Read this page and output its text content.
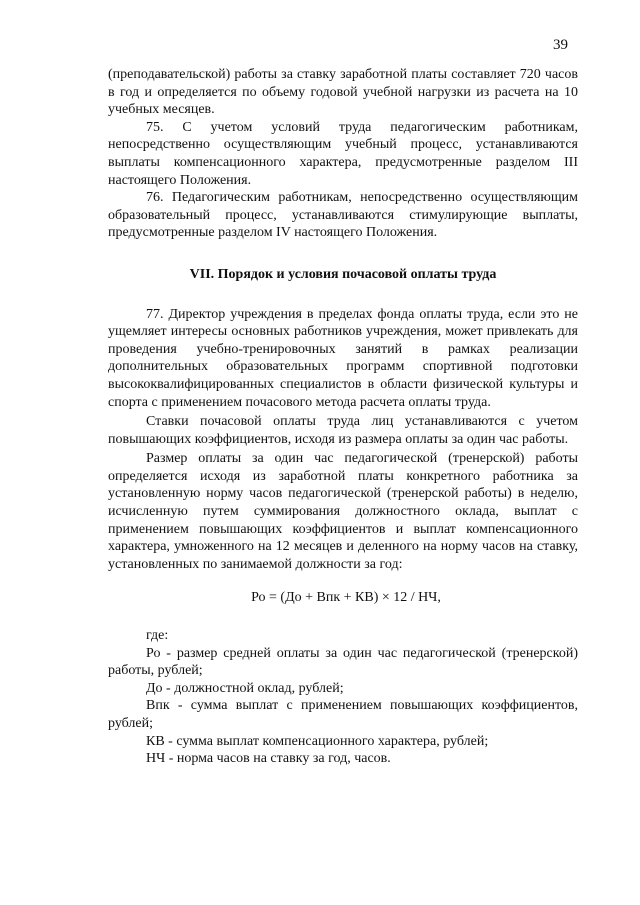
39

(преподавательской) работы за ставку заработной платы составляет 720 часов в год и определяется по объему годовой учебной нагрузки из расчета на 10 учебных месяцев.

75. С учетом условий труда педагогическим работникам, непосредственно осуществляющим учебный процесс, устанавливаются выплаты компенсационного характера, предусмотренные разделом III настоящего Положения.

76. Педагогическим работникам, непосредственно осуществляющим образовательный процесс, устанавливаются стимулирующие выплаты, предусмотренные разделом IV настоящего Положения.

VII. Порядок и условия почасовой оплаты труда

77. Директор учреждения в пределах фонда оплаты труда, если это не ущемляет интересы основных работников учреждения, может привлекать для проведения учебно-тренировочных занятий в рамках реализации дополнительных образовательных программ спортивной подготовки высококвалифицированных специалистов в области физической культуры и спорта с применением почасового метода расчета оплаты труда.

Ставки почасовой оплаты труда лиц устанавливаются с учетом повышающих коэффициентов, исходя из размера оплаты за один час работы.

Размер оплаты за один час педагогической (тренерской) работы определяется исходя из заработной платы конкретного работника за установленную норму часов педагогической (тренерской работы) в неделю, исчисленную путем суммирования должностного оклада, выплат с применением повышающих коэффициентов и выплат компенсационного характера, умноженного на 12 месяцев и деленного на норму часов на ставку, установленных по занимаемой должности за год:

Ро = (До + Впк + КВ) × 12 / НЧ,

где:

Ро - размер средней оплаты за один час педагогической (тренерской) работы, рублей;

До - должностной оклад, рублей;

Впк - сумма выплат с применением повышающих коэффициентов, рублей;

КВ - сумма выплат компенсационного характера, рублей;

НЧ - норма часов на ставку за год, часов.
